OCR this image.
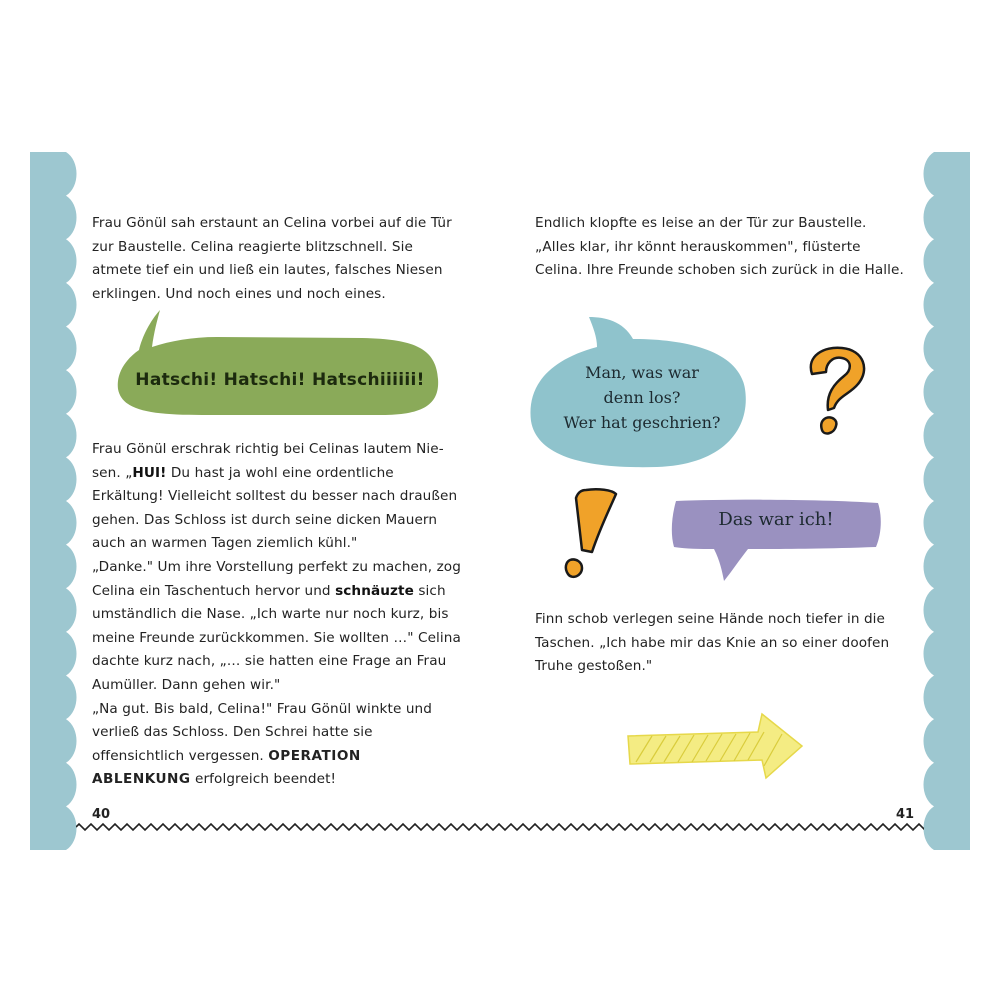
Frau Gönül sah erstaunt an Celina vorbei auf die Tür zur Baustelle. Celina reagierte blitzschnell. Sie atmete tief ein und ließ ein lautes, falsches Niesen erklingen. Und noch eines und noch eines.

Hatschi! Hatschi! Hatschiiiiii!

Frau Gönül erschrak richtig bei Celinas lautem Nie-
sen. „HUI! Du hast ja wohl eine ordentliche Erkältung! Vielleicht solltest du besser nach draußen gehen. Das Schloss ist durch seine dicken Mauern auch an warmen Tagen ziemlich kühl."

„Danke." Um ihre Vorstellung perfekt zu machen, zog Celina ein Taschentuch hervor und schnäuzte sich umständlich die Nase. „Ich warte nur noch kurz, bis meine Freunde zurückkommen. Sie wollten …" Celina dachte kurz nach, „… sie hatten eine Frage an Frau Aumüller. Dann gehen wir."

„Na gut. Bis bald, Celina!" Frau Gönül winkte und verließ das Schloss. Den Schrei hatte sie offensichtlich vergessen. OPERATION ABLENKUNG erfolgreich beendet!

40

Endlich klopfte es leise an der Tür zur Baustelle. „Alles klar, ihr könnt herauskommen", flüsterte Celina. Ihre Freunde schoben sich zurück in die Halle.

Man, was war
denn los?
Wer hat geschrien?
Das war ich!

Finn schob verlegen seine Hände noch tiefer in die Taschen. „Ich habe mir das Knie an so einer doofen Truhe gestoßen."

41
